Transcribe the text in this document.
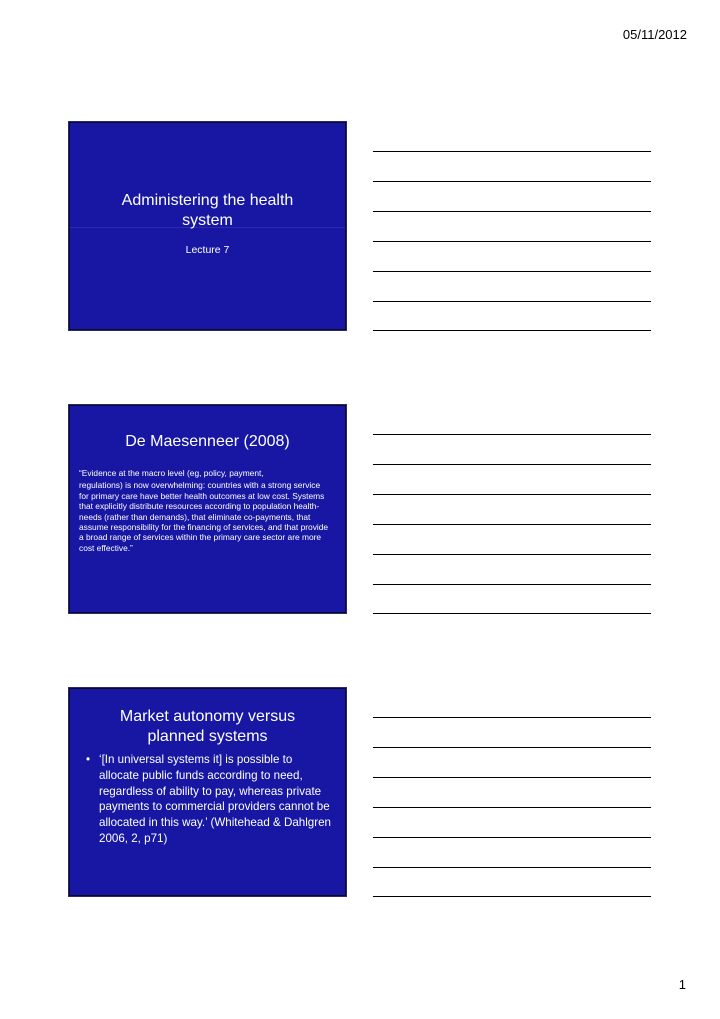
05/11/2012
Administering the health
system
Lecture 7
De Maesenneer (2008)
“Evidence at the macro level (eg, policy, payment,
regulations) is now overwhelming: countries with a strong service for primary care have better health outcomes at low cost. Systems that explicitly distribute resources according to population health-needs (rather than demands), that eliminate co-payments, that assume responsibility for the financing of services, and that provide a broad range of services within the primary care sector are more cost effective.”
Market autonomy versus
planned systems
• ‘[In universal systems it] is possible to allocate public funds according to need, regardless of ability to pay, whereas private payments to commercial providers cannot be allocated in this way.’ (Whitehead & Dahlgren 2006, 2, p71)
1
